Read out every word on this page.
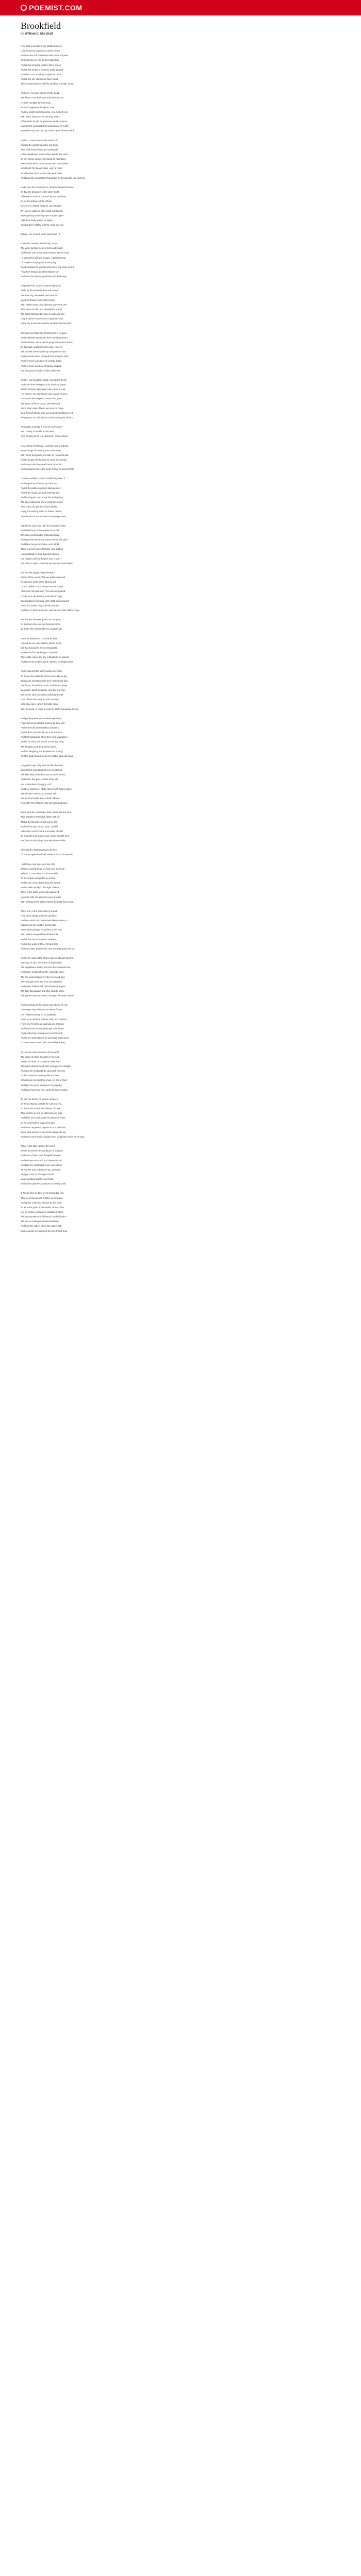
POEMIST.COM
Brookfield

by William E. Marshall

Now hath a wonder 'in the saddened eyes
Long misted by a grievous winter-climes
And now the dull heart leaps with love's surprise,
And sings its joy, For 'tis the happy time
And all the brooding earth is full of cheers
And all the breast of sleepers under ground
Have burst out suddenly in glorious prime,
And all the airy spirits now have found
Their wonted shrines with life and love emerald 'round.
And now I no more sorrow for the dead,
The friend I love hath part of death no more,
He hath mortality forever shed,
He is of happiness the spirit's core:
And my heart's memory brims, yea, runneth o'er,
With lavish bounty of his teeming worth,
(What times he did his garnered wealth outpour,
In wisdom's word and deed and pleasure's mirth)
Wherefore my soul hath joy in life's great freedom-birth.
And so, I mount the richest sunset hill,
Singing the wandering echo of a home
That shall forever have its roaming will
In love-awakened hearts where dwells the name
Of him whose genius, borrowing its high flame,
Was reared within those woods with spark divine.
Brookfield! Thy beauty slept, until he came
To wake thee up to visions that were thine
And brush the enchanted shroud that lay beyond the rule and line.
Hadst thou but dreamed! Ah, dreamers heath the blue
Of day, the dreamers in the starry night,
Pillowed on stone and kissed by sun and dew!
Or ye, the arbours of the Infinite
Descend in winged raptures, and the light
Of Heaven within its bliss earth mortal gets,
Wide opening dreaming eyes in spirit sight—
Alas! how many waken up again,
Singing their ecstasy unto the wind and rain.
Behold, one cometh in the spirit now!− 1
A wealth of tender, melancholy song—
The voice familiar friend of bird, and bough,
And flower, and brook, and meadow: Not for long
He wandered with the meagre, vagrant throng
Of shepherds piping in the early day:
Death mocked his young heart-woes, and soon among
Forgotten things a wrathful shadow lay
And soon the melody grew faint and died away.
On yonder hill, close to a great high road,
Made by the pioneers from sea to sea,
The Poet lay, unheeded; and the load
Upon his broken heart sank heavily
With cattle's tread, and withered grieve the tree
That bent o'er him, and dwindled to a path
The great highway that was so wide and free—
Only a chance-lower stone of yearn-to-hath,
Clung like a welcome ivied to his dead, buried earth.
We know his fellow-shepherds cried to Heaven,
And thrilled the winds with their melodious tears;
And doubtless, some late-to-grays sheep were driven
By that rude, wailing music's urge, to cover
The moonlit stream and crop the golden moss;
And evermore were changed from sheep to man;
And evermore cared not for worldly dross,
And evermore lived out of Spring, and ran
Into the joyous woods to follow after Pan.
And he, our freedom's guide, our Spirit's friend,
Had more than loving word for that lone grave,
Where homing nightingale none came to lend
A presence; his warm heart was moved to save,
From utter, last neglect, a name that gave
The grace of life in songs now little read,
Since other ease of heart we most do crave.
Dear Friend! Whose love our weak remembrance fed,
Thou gav'st our silent bard a home among the dead.2
Among the mounds of love-no more alone—
With charity of marble at his head,
And, clinging to his feet, that poor, chance stone.
Now, in this churchyard, rests the long-lost dead,
What though his coming was unheralded
With pomp and praise, he hath his reward at last;
And trees give the flowers he loved are spread,
And many a kindly eye will mark his worth
And sometimes there the heart of love be poured forth.
Lo! now, another comes to swell the praise. 3
He bringeth far-off memory of the sea,
And of the pathless woods' alluring maze,
And of the ringing ax, and crashing tree,
And firm big but, and brook the settling free
The age-imprisoned soil to ease the needs
That crown the pioneer's hard destiny.
Haply, the warring world no braver breeds,
Than he who turns a forest into waving meads.
Yet still we sing: Saul hath his thousands slain,
And David tens of thousands! As of old,
We make great holiday of bloodied gain,
And venerate the strong nation's head with gold,
And bless his gory trophies, and unfold
Them in Love's sacred temple, and outpour
Loud gratitude to God-that died upheld!
Our hands to kill our brother man in war—
Ah! Christ is dead;—and we the Roman Guard adore.
But see this happy village festival.4
Where all the country folk are gathered round
Responsive to the clear, alluring call
Of one uplifted voice, whose echoes sound
Above the hill-tops now. This soil-won ground
Is holy: here the burning bush flamed high
One hundred years ago, when faith was crowned
In the first settler's log-hut built near by;
And love, in that rude home, was blessed with children's cry.
Not that the Venturer grows rich on great,
Or seemed a hero or was honored more
By those who followed him to conquer fate
In the far wilderness; nor that he bore
Himself as one who paid for other's score;
But that among the forest immigrants,
He was the first life-bringer to explore
These hills, where the shy redbud had his haunts,
And prove the settler's worth, beyond his bright wants.
And it was well the body's wants were few,
To those who made the homes here day by day
Toiling and sweating while they hacked and hew
The forest, burned the brush, and cleared away
the garden patch and grain, and flax and hay;—
But oh! the wives in rudest suffering strong!
Little of rest there was for such as they,
Little save care, ev'n in the baby song:
They crooned, in midst of work for all the household throng.
And yet they were not sad-these pioneers;
(Tales have been told of humour all their own,
And of their wit that crackled unawares;
And of their stout sturdy-sex and, and tone,
And high assurance when their work was done.)
Surely, for them, the thrush at evening sang,
The Pleiades and great Orion shone,
And the life-giving sun in splendour sprang,
And the glad harvest moon her golden lamp did hang.
Long years ago, they went to take their rest
Beneath the spreading trees on yonder hill—
The field they cleared for use at God's behest,
And where the quiet tenants of his will
Are undisturbed of any joy or ill:
And here and there, whitte stones with carven name
Tell who lies covered up, forever still:
But the First Settler has a shaft of flame
Reared by the villagers unto his worth and fame.
Since then the years have flown, flown like the wind
That passeth o'er this hill, laden with life.
This is the hill where I was sun-to find
My friend in days of old. Now, I am left
In freedom-rest from the successes of strife
Of God-with man (Lord, Lord, revive not with me!)
But, from the bloodless face with hidden knife,
Shewing the heart aspiring to be free
Of lust and greed and self, whate'er the prize may be.
I will lift up mine eyes unto the hills,
Whence cometh help! My help is in the Lord!
Behold, O man, what is it that He wills
Of thee? But to do justice in accord,
And to love mercy better than the sword,
And to walk humbly in the sight of Him!
Thus, in the olden vision still outpoured
Upon the hills, for all whose eyes are dim
With seeking in the places where the battle-fires swim.
Thus, am I in the spirit with my friend,
Here in the village which he glorified;
And unto which his heart would always wend,—
Impatient of the world of human tide—
When Spring began to call him to her side
With robin's song and the arbutus trail,
And all the lure of freedom undenied,
And all the world of life of hill and dale,
And river, lake, and stream, and love that would not fail.
And so he roamed the shores and woods and clearns,
Seeking, for aye, the bloom of yesterdays:
The mayflowers smiled and lent their sweetest airs,
And asters curtsied from the road-side ways;
The red-veined slippers of the elves and fays
Were hanging near the rose and eglantine,
And mystic trilliums still had heavensent gaze,
The blue flag waved, and blue grew to shine,
The golden-rods and asters thronged the steep incline.
And something of that bloom was shown for me,
One eager day, when the Woodsne flamed
Her brilliants beauty on us suddenly:
Down in an old-time pasture road, and claimed
A first lover's privilege, and was not shamed
My friend had fondest greeting for the flower,
And gentlest live-speech over just framed5
And of my regret! (Such he was loyal, with power
Of love I never knew, until I shared his dower)
Ah, he was richly dowered of the earth!
The grace of sand, the daisy in the sod,
Awake his heart: and early he went forth,
Through field and wood, with young eyes of delight!
And saw the nesting birds, and back and nod
Of this creatures roaming wild and free,
Which know not that they know, yet are of God!
And kept his youth, and grew in sympathy,
And loved his fellow men, and had love's victory.
To such as heard, he was an answerer
Of things that lay outside the rule and line,
To those who loved, the follower of a star
That led him on and on with heavenly sign,
And lit his soul, and made his utterance shine.
So he went forth to keep in his day
And when he passed beyond at Sun's decline,
Some who had never seen him caught the ray
And some came there to praise who could have cheered his way.
There is the little cabin in the tree,6
Where sometimes he would go for solitude,
And ease of heart, and thoughtful reverie,
And rain upon the roof, and dreamy mood,
And light the world hath never understood.
Ah me! the door is broken now, and wide
And yet, I feel as if it might intrude
Upon a resting soul to look inside,—
Such is the quietness and lack of earthly pride.
O Friend who so didst joy of knowledge use,
That men look up and brighten at thy name,
And speak of genius, and put by the news
To tell some good of one death cannot claim,
Nor life require to reach in sculptured frame,
The word spoken the full watch reached hath—
The day is melting into tenderest flame
And from the valley, where the waters roll,
Comes up the evensong of the lone thrush soul.
